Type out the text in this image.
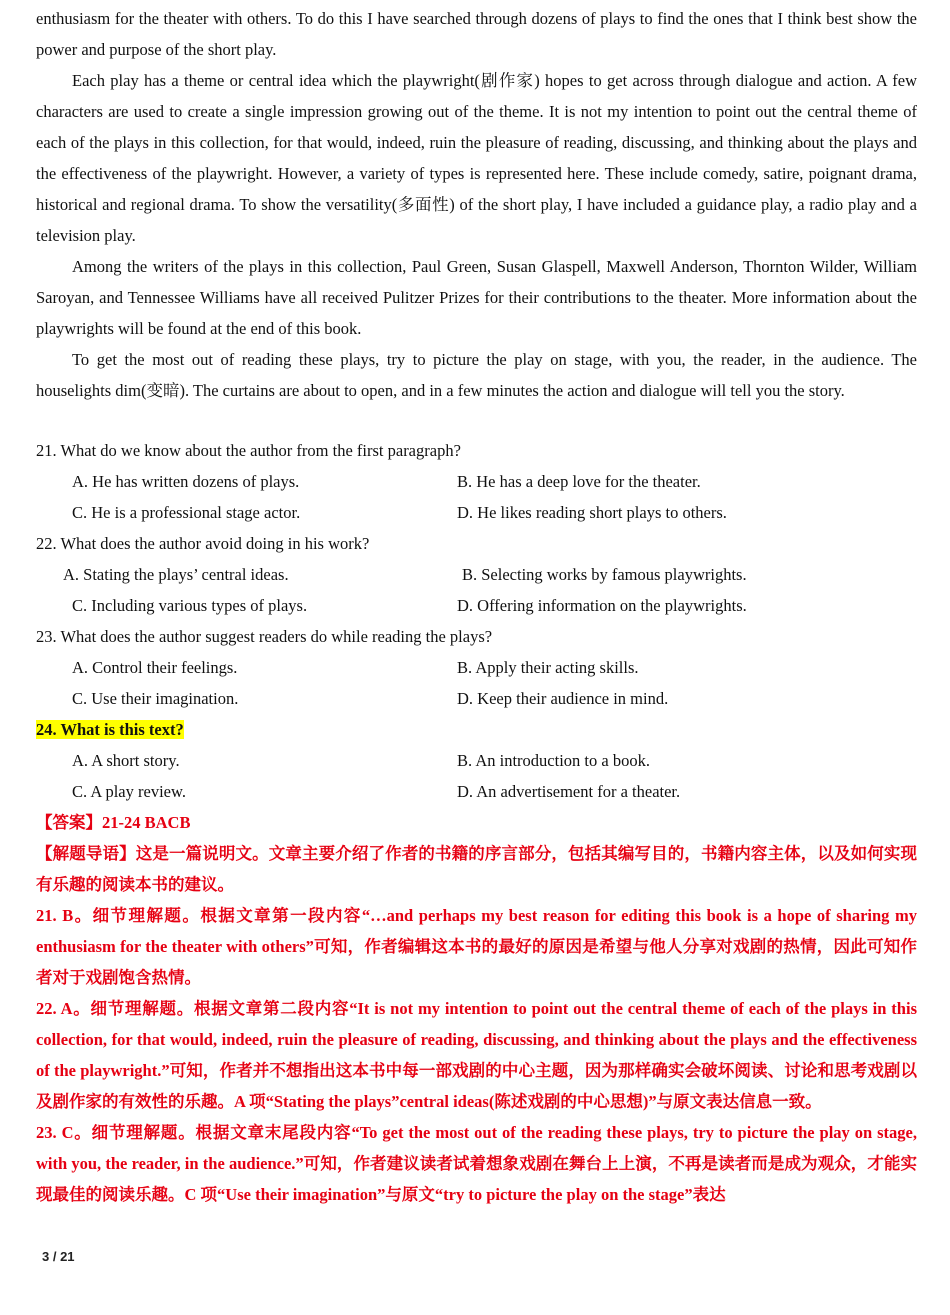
enthusiasm for the theater with others. To do this I have searched through dozens of plays to find the ones that I think best show the power and purpose of the short play.

Each play has a theme or central idea which the playwright(剧作家) hopes to get across through dialogue and action. A few characters are used to create a single impression growing out of the theme. It is not my intention to point out the central theme of each of the plays in this collection, for that would, indeed, ruin the pleasure of reading, discussing, and thinking about the plays and the effectiveness of the playwright. However, a variety of types is represented here. These include comedy, satire, poignant drama, historical and regional drama. To show the versatility(多面性) of the short play, I have included a guidance play, a radio play and a television play.

Among the writers of the plays in this collection, Paul Green, Susan Glaspell, Maxwell Anderson, Thornton Wilder, William Saroyan, and Tennessee Williams have all received Pulitzer Prizes for their contributions to the theater. More information about the playwrights will be found at the end of this book.

To get the most out of reading these plays, try to picture the play on stage, with you, the reader, in the audience. The houselights dim(变暗). The curtains are about to open, and in a few minutes the action and dialogue will tell you the story.

21. What do we know about the author from the first paragraph?
A. He has written dozens of plays.	B. He has a deep love for the theater.
C. He is a professional stage actor.	D. He likes reading short plays to others.
22. What does the author avoid doing in his work?
A. Stating the plays’ central ideas.	B. Selecting works by famous playwrights.
C. Including various types of plays.	D. Offering information on the playwrights.
23. What does the author suggest readers do while reading the plays?
A. Control their feelings.	B. Apply their acting skills.
C. Use their imagination.	D. Keep their audience in mind.
24. What is this text?
A. A short story.	B. An introduction to a book.
C. A play review.	D. An advertisement for a theater.

【答案】21-24 BACB

【解题导语】这是一篇说明文。文章主要介绍了作者的书籍的序言部分，包括其编写目的，书籍内容主体，以及如何实现有乐趣的阅读本书的建议。

21. B。细节理解题。根据文章第一段内容“…and perhaps my best reason for editing this book is a hope of sharing my enthusiasm for the theater with others”可知，作者编辑这本书的最好的原因是希望与他人分享对戏剧的热情，因此可知作者对于戏剧饱含热情。

22. A。细节理解题。根据文章第二段内容“It is not my intention to point out the central theme of each of the plays in this collection, for that would, indeed, ruin the pleasure of reading, discussing, and thinking about the plays and the effectiveness of the playwright.”可知，作者并不想指出这本书中每一部戏剧的中心主题，因为那样确实会破坏阅读、讨论和思考戏剧以及剧作家的有效性的乐趣。A 项“Stating the plays”central ideas(陈述戏剧的中心思想)”与原文表达信息一致。

23. C。细节理解题。根据文章末尾段内容“To get the most out of the reading these plays, try to picture the play on stage, with you, the reader, in the audience.”可知，作者建议读者试着想象戏剧在舞台上上演，不再是读者而是成为观众，才能实现最佳的阅读乐趣。C 项“Use their imagination”与原文“try to picture the play on the stage”表达

3 / 21
